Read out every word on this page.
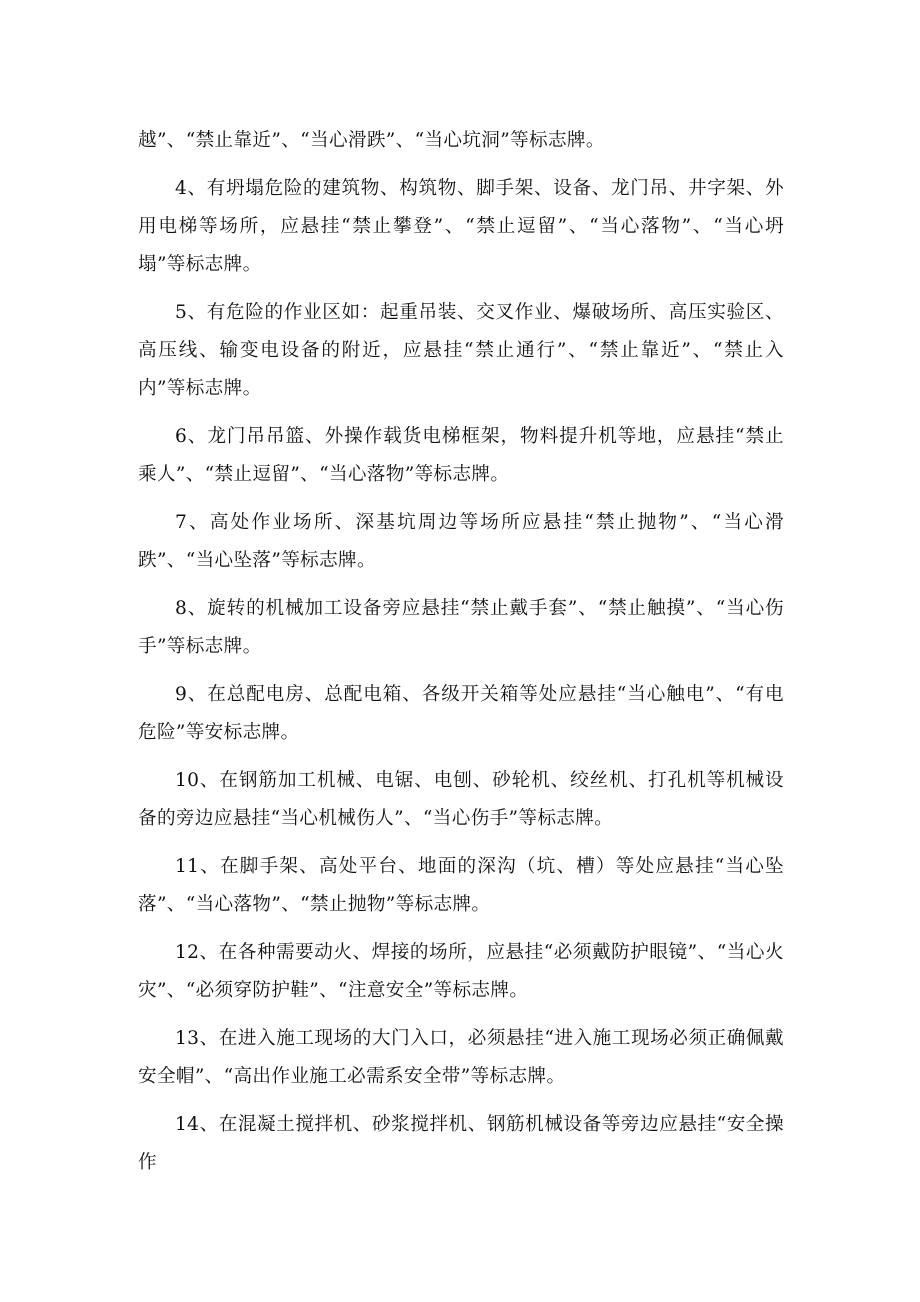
越”、“禁止靠近”、“当心滑跌”、“当心坑洞”等标志牌。

4、有坍塌危险的建筑物、构筑物、脚手架、设备、龙门吊、井字架、外用电梯等场所，应悬挂“禁止攀登”、“禁止逗留”、“当心落物”、“当心坍塌”等标志牌。

5、有危险的作业区如：起重吊装、交叉作业、爆破场所、高压实验区、高压线、输变电设备的附近，应悬挂“禁止通行”、“禁止靠近”、“禁止入内”等标志牌。

6、龙门吊吊篮、外操作载货电梯框架，物料提升机等地，应悬挂“禁止乘人”、“禁止逗留”、“当心落物”等标志牌。

7、高处作业场所、深基坑周边等场所应悬挂“禁止抛物”、“当心滑跌”、“当心坠落”等标志牌。

8、旋转的机械加工设备旁应悬挂“禁止戴手套”、“禁止触摸”、“当心伤手”等标志牌。

9、在总配电房、总配电箱、各级开关箱等处应悬挂“当心触电”、“有电危险”等安标志牌。

10、在钢筋加工机械、电锯、电刨、砂轮机、绞丝机、打孔机等机械设备的旁边应悬挂“当心机械伤人”、“当心伤手”等标志牌。

11、在脚手架、高处平台、地面的深沟（坑、槽）等处应悬挂“当心坠落”、“当心落物”、“禁止抛物”等标志牌。

12、在各种需要动火、焊接的场所，应悬挂“必须戴防护眼镜”、“当心火灾”、“必须穿防护鞋”、“注意安全”等标志牌。

13、在进入施工现场的大门入口，必须悬挂“进入施工现场必须正确佩戴安全帽”、“高出作业施工必需系安全带”等标志牌。

14、在混凝土搅拌机、砂浆搅拌机、钢筋机械设备等旁边应悬挂“安全操作
